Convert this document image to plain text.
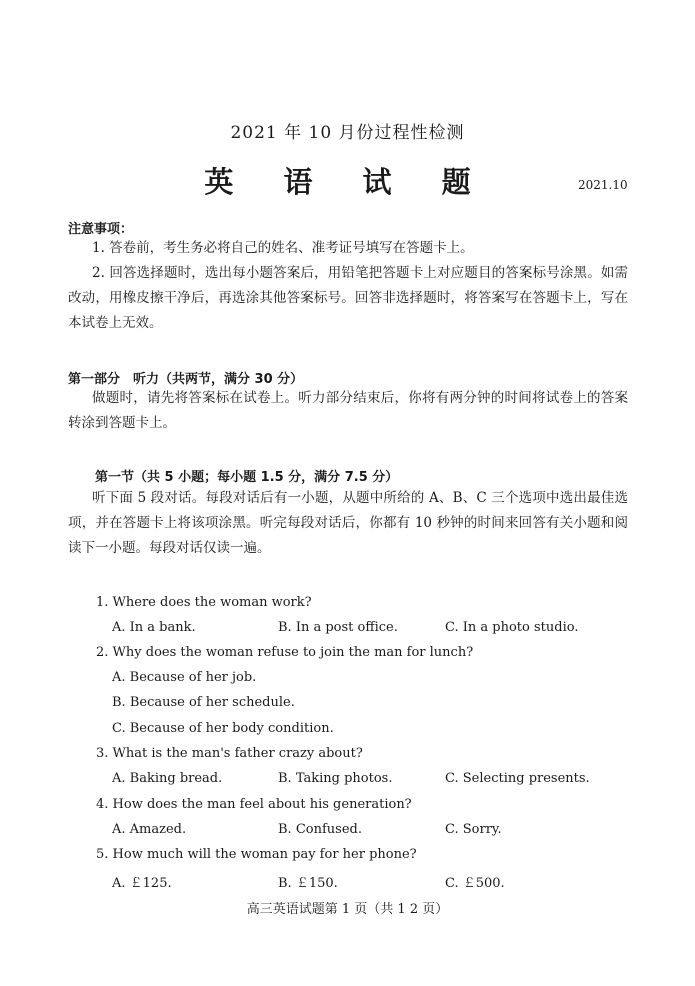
2021 年 10 月份过程性检测
英 语 试 题	2021.10
注意事项：
1. 答卷前，考生务必将自己的姓名、准考证号填写在答题卡上。
2. 回答选择题时，选出每小题答案后，用铅笔把答题卡上对应题目的答案标号涂黑。如需改动，用橡皮擦干净后，再选涂其他答案标号。回答非选择题时，将答案写在答题卡上，写在本试卷上无效。
第一部分　听力（共两节，满分 30 分）
做题时，请先将答案标在试卷上。听力部分结束后，你将有两分钟的时间将试卷上的答案转涂到答题卡上。
第一节（共 5 小题；每小题 1.5 分，满分 7.5 分）
听下面 5 段对话。每段对话后有一小题，从题中所给的 A、B、C 三个选项中选出最佳选项，并在答题卡上将该项涂黑。听完每段对话后，你都有 10 秒钟的时间来回答有关小题和阅读下一小题。每段对话仅读一遍。
1. Where does the woman work?
A. In a bank.	B. In a post office.	C. In a photo studio.
2. Why does the woman refuse to join the man for lunch?
A. Because of her job.
B. Because of her schedule.
C. Because of her body condition.
3. What is the man's father crazy about?
A. Baking bread.	B. Taking photos.	C. Selecting presents.
4. How does the man feel about his generation?
A. Amazed.	B. Confused.	C. Sorry.
5. How much will the woman pay for her phone?
A. ￡125.	B. ￡150.	C. ￡500.
高三英语试题第 1 页（共 1 2 页）
